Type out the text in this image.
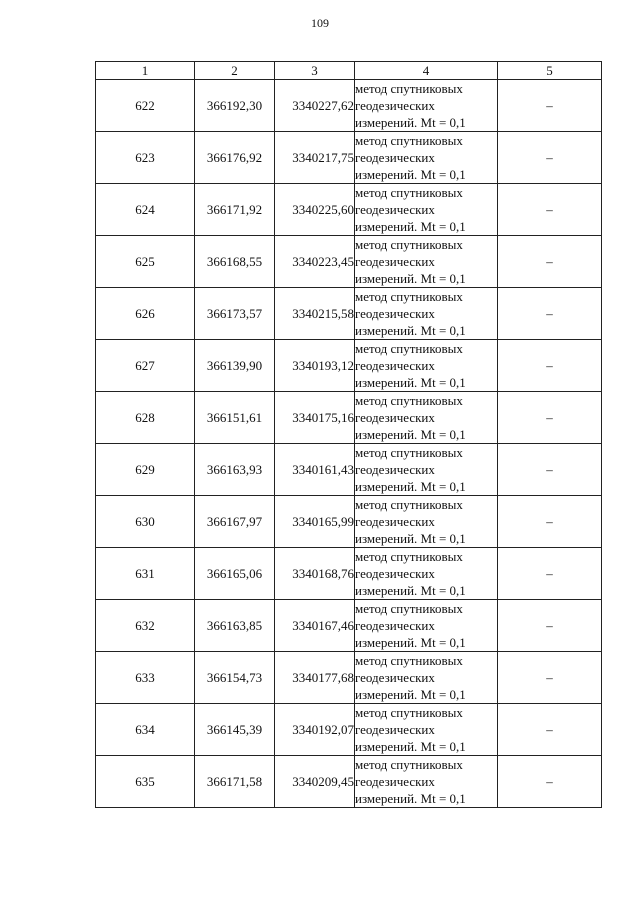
109
1	2	3	4	5
622	366192,30	3340227,62	метод спутниковых
геодезических
измерений. Mt = 0,1	–
623	366176,92	3340217,75	метод спутниковых
геодезических
измерений. Mt = 0,1	–
624	366171,92	3340225,60	метод спутниковых
геодезических
измерений. Mt = 0,1	–
625	366168,55	3340223,45	метод спутниковых
геодезических
измерений. Mt = 0,1	–
626	366173,57	3340215,58	метод спутниковых
геодезических
измерений. Mt = 0,1	–
627	366139,90	3340193,12	метод спутниковых
геодезических
измерений. Mt = 0,1	–
628	366151,61	3340175,16	метод спутниковых
геодезических
измерений. Mt = 0,1	–
629	366163,93	3340161,43	метод спутниковых
геодезических
измерений. Mt = 0,1	–
630	366167,97	3340165,99	метод спутниковых
геодезических
измерений. Mt = 0,1	–
631	366165,06	3340168,76	метод спутниковых
геодезических
измерений. Mt = 0,1	–
632	366163,85	3340167,46	метод спутниковых
геодезических
измерений. Mt = 0,1	–
633	366154,73	3340177,68	метод спутниковых
геодезических
измерений. Mt = 0,1	–
634	366145,39	3340192,07	метод спутниковых
геодезических
измерений. Mt = 0,1	–
635	366171,58	3340209,45	метод спутниковых
геодезических
измерений. Mt = 0,1	–
